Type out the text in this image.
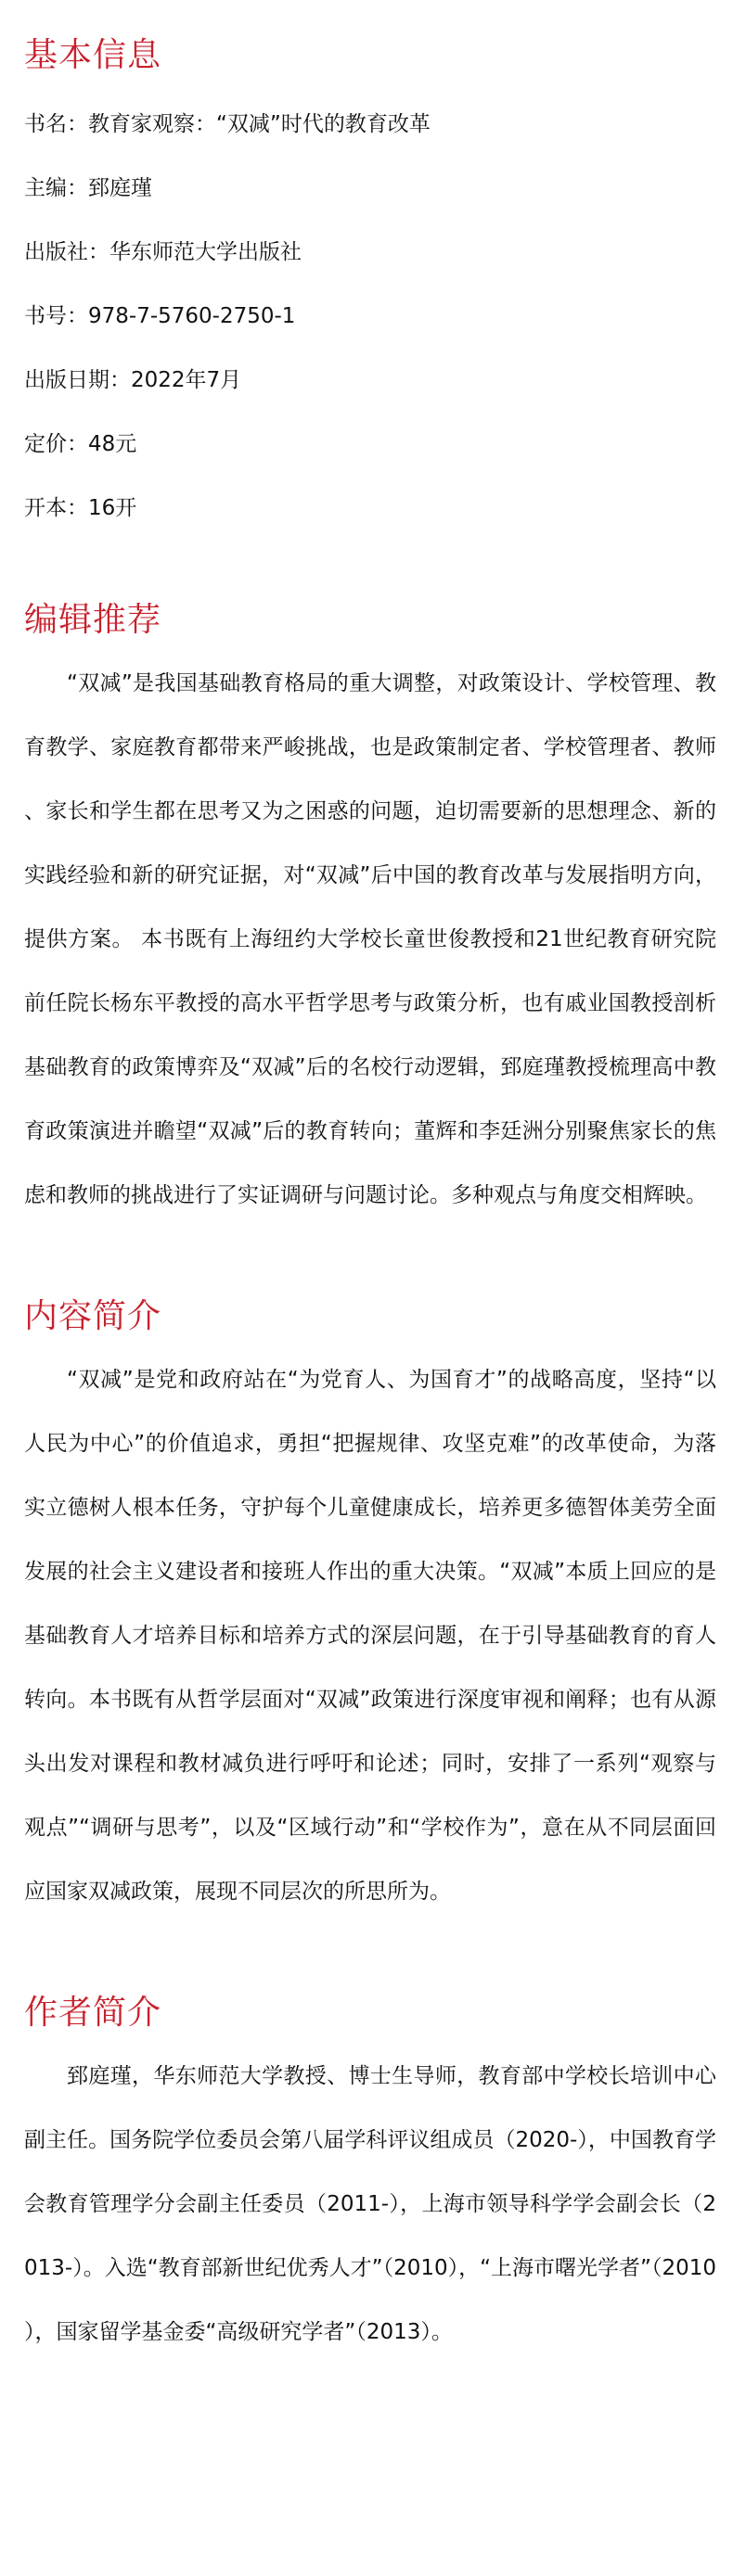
基本信息
书名：教育家观察：“双减”时代的教育改革
主编：郅庭瑾
出版社：华东师范大学出版社
书号：978-7-5760-2750-1
出版日期：2022年7月
定价：48元
开本：16开
编辑推荐

“双减”是我国基础教育格局的重大调整，对政策设计、学校管理、教育教学、家庭教育都带来严峻挑战，也是政策制定者、学校管理者、教师、家长和学生都在思考又为之困惑的问题，迫切需要新的思想理念、新的实践经验和新的研究证据，对“双减”后中国的教育改革与发展指明方向，提供方案。 本书既有上海纽约大学校长童世俊教授和21世纪教育研究院前任院长杨东平教授的高水平哲学思考与政策分析，也有戚业国教授剖析基础教育的政策博弈及“双减”后的名校行动逻辑，郅庭瑾教授梳理高中教育政策演进并瞻望“双减”后的教育转向；董辉和李廷洲分别聚焦家长的焦虑和教师的挑战进行了实证调研与问题讨论。多种观点与角度交相辉映。

内容简介

“双减”是党和政府站在“为党育人、为国育才”的战略高度，坚持“以人民为中心”的价值追求，勇担“把握规律、攻坚克难”的改革使命，为落实立德树人根本任务，守护每个儿童健康成长，培养更多德智体美劳全面发展的社会主义建设者和接班人作出的重大决策。“双减”本质上回应的是基础教育人才培养目标和培养方式的深层问题，在于引导基础教育的育人转向。本书既有从哲学层面对“双减”政策进行深度审视和阐释；也有从源头出发对课程和教材减负进行呼吁和论述；同时，安排了一系列“观察与观点”“调研与思考”，以及“区域行动”和“学校作为”，意在从不同层面回应国家双减政策，展现不同层次的所思所为。

作者简介

郅庭瑾，华东师范大学教授、博士生导师，教育部中学校长培训中心副主任。国务院学位委员会第八届学科评议组成员（2020-），中国教育学会教育管理学分会副主任委员（2011-），上海市领导科学学会副会长（2013-）。入选“教育部新世纪优秀人才”（2010），“上海市曙光学者”（2010），国家留学基金委“高级研究学者”（2013）。
